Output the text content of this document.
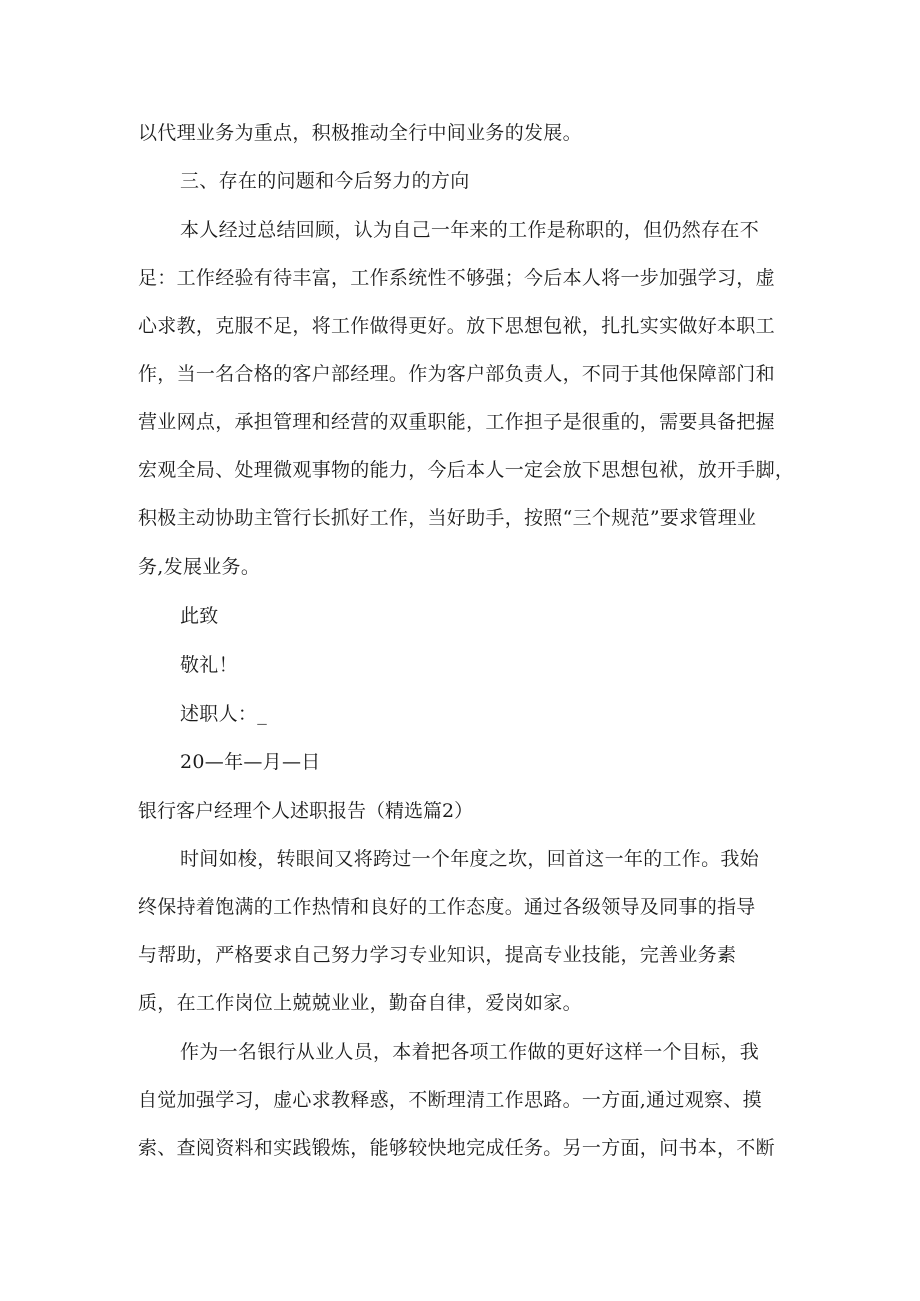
以代理业务为重点，积极推动全行中间业务的发展。
三、存在的问题和今后努力的方向
本人经过总结回顾，认为自己一年来的工作是称职的，但仍然存在不
足：工作经验有待丰富，工作系统性不够强；今后本人将一步加强学习，虚
心求教，克服不足，将工作做得更好。放下思想包袱，扎扎实实做好本职工
作，当一名合格的客户部经理。作为客户部负责人，不同于其他保障部门和
营业网点，承担管理和经营的双重职能，工作担子是很重的，需要具备把握
宏观全局、处理微观事物的能力，今后本人一定会放下思想包袱，放开手脚，
积极主动协助主管行长抓好工作，当好助手，按照“三个规范”要求管理业
务,发展业务。
此致
敬礼！
述职人：_
20—年—月—日
银行客户经理个人述职报告（精选篇2）
时间如梭，转眼间又将跨过一个年度之坎，回首这一年的工作。我始
终保持着饱满的工作热情和良好的工作态度。通过各级领导及同事的指导
与帮助，严格要求自己努力学习专业知识，提高专业技能，完善业务素
质，在工作岗位上兢兢业业，勤奋自律，爱岗如家。
作为一名银行从业人员，本着把各项工作做的更好这样一个目标，我
自觉加强学习，虚心求教释惑，不断理清工作思路。一方面,通过观察、摸
索、查阅资料和实践锻炼，能够较快地完成任务。另一方面，问书本，不断
